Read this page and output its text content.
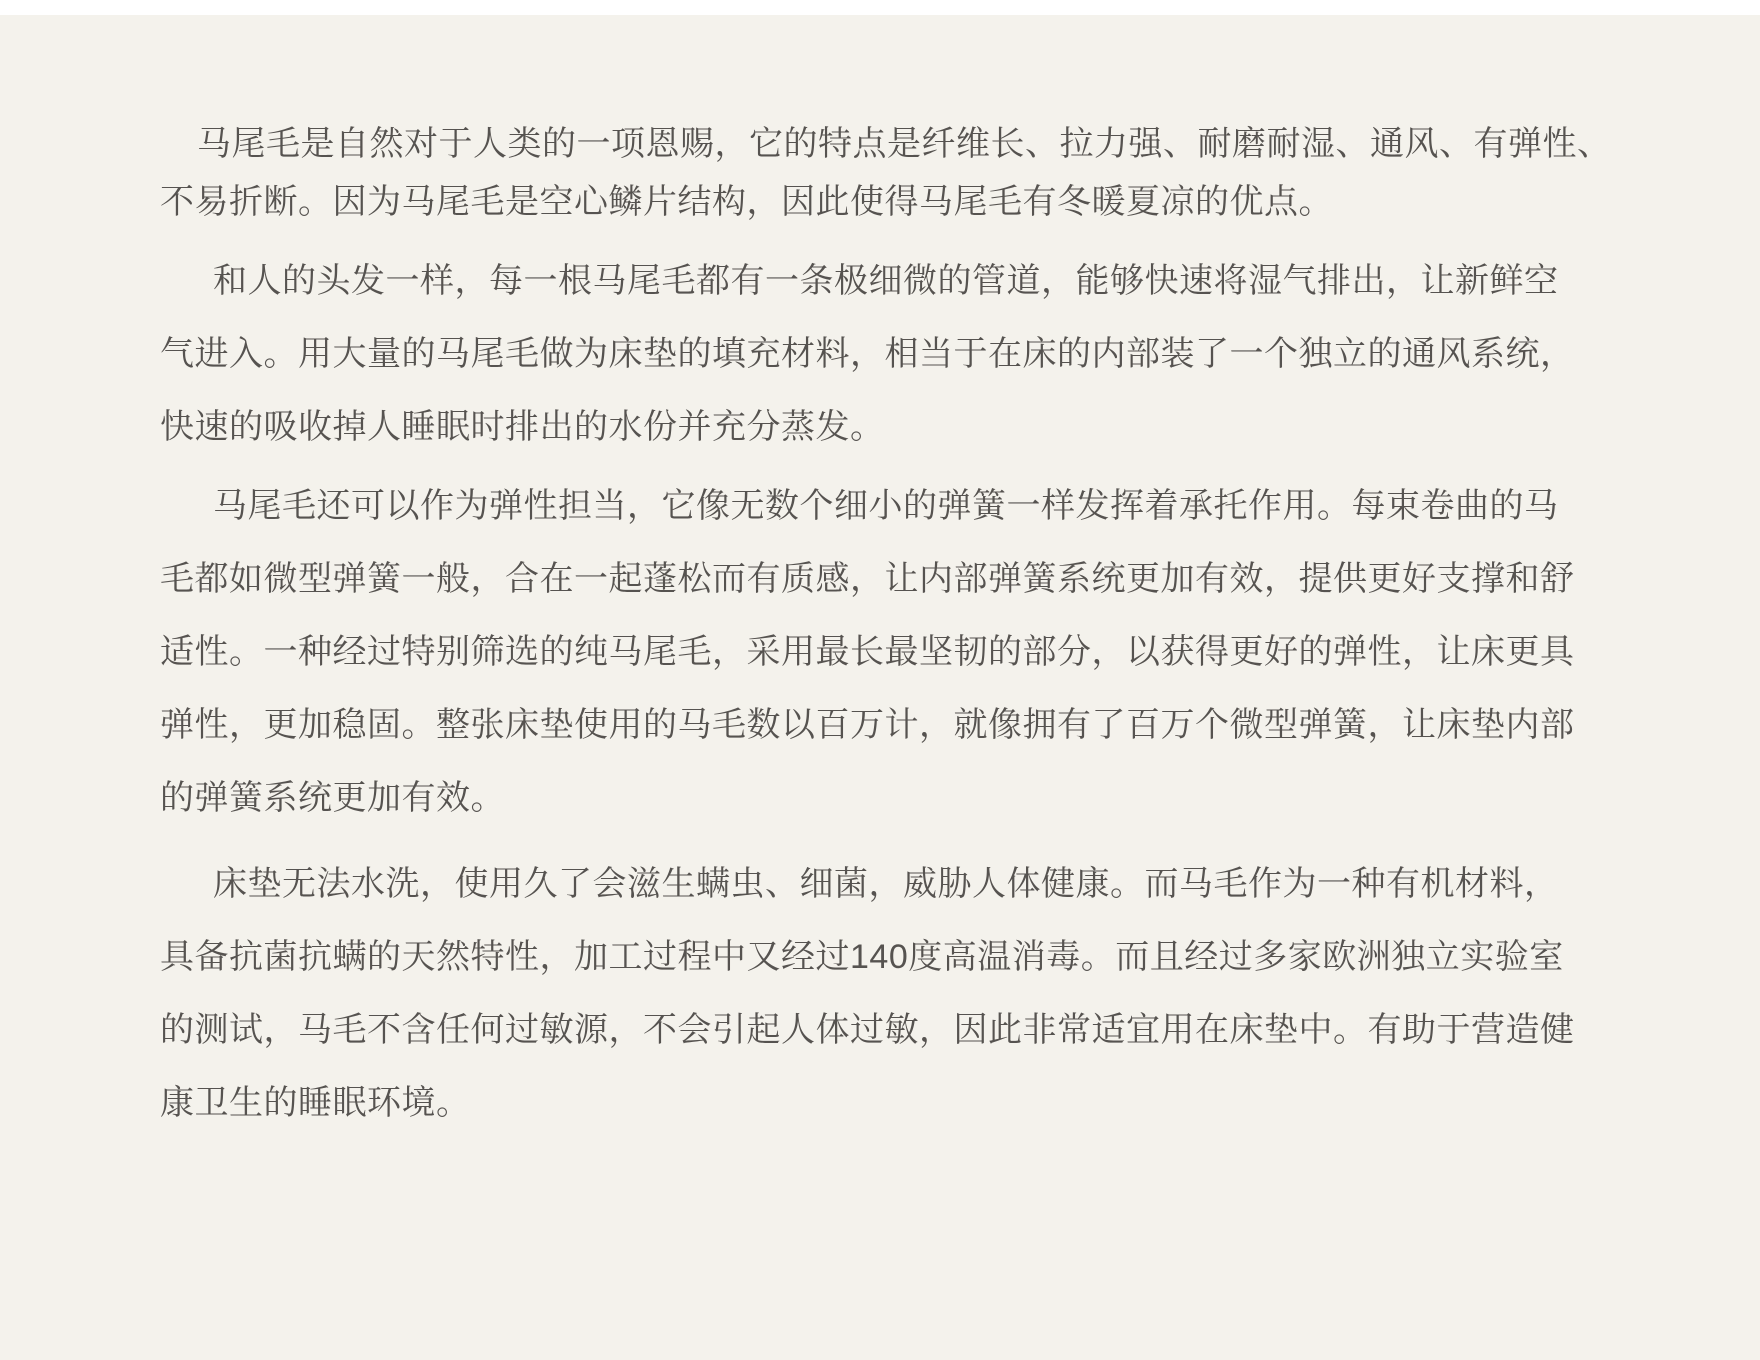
马尾毛是自然对于人类的一项恩赐，它的特点是纤维长、拉力强、耐磨耐湿、通风、有弹性、
不易折断。因为马尾毛是空心鳞片结构，因此使得马尾毛有冬暖夏凉的优点。
和人的头发一样，每一根马尾毛都有一条极细微的管道，能够快速将湿气排出，让新鲜空
气进入。用大量的马尾毛做为床垫的填充材料，相当于在床的内部装了一个独立的通风系统，
快速的吸收掉人睡眠时排出的水份并充分蒸发。
马尾毛还可以作为弹性担当，它像无数个细小的弹簧一样发挥着承托作用。每束卷曲的马
毛都如微型弹簧一般，合在一起蓬松而有质感，让内部弹簧系统更加有效，提供更好支撑和舒
适性。一种经过特别筛选的纯马尾毛，采用最长最坚韧的部分，以获得更好的弹性，让床更具
弹性，更加稳固。整张床垫使用的马毛数以百万计，就像拥有了百万个微型弹簧，让床垫内部
的弹簧系统更加有效。
床垫无法水洗，使用久了会滋生螨虫、细菌，威胁人体健康。而马毛作为一种有机材料，
具备抗菌抗螨的天然特性，加工过程中又经过140度高温消毒。而且经过多家欧洲独立实验室
的测试，马毛不含任何过敏源，不会引起人体过敏，因此非常适宜用在床垫中。有助于营造健
康卫生的睡眠环境。
